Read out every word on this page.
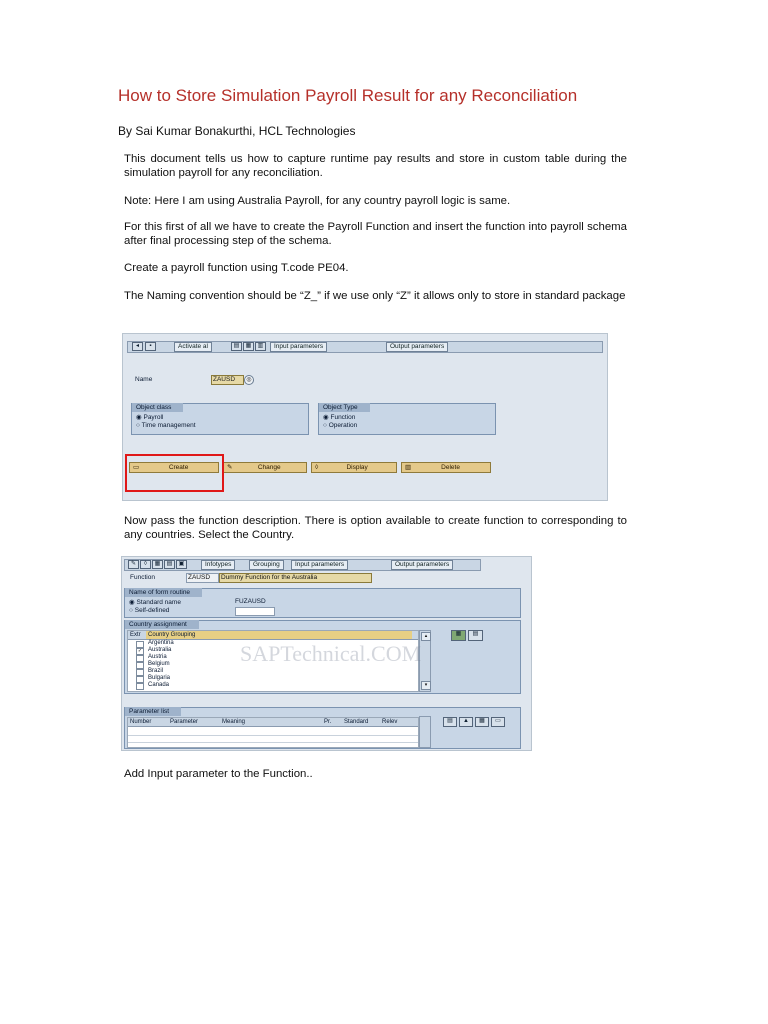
How to Store Simulation Payroll Result for any Reconciliation
By Sai Kumar Bonakurthi, HCL Technologies

This document tells us how to capture runtime pay results and store in custom table during the simulation payroll for any reconciliation.

Note: Here I am using Australia Payroll, for any country payroll logic is same.

For this first of all we have to create the Payroll Function and insert the function into payroll schema after final processing step of the schema.

Create a payroll function using T.code PE04.

The Naming convention should be “Z_” if we use only “Z” it allows only to store in standard package

◂	▪	Activate al	▤	▦	▥	Input parameters	Output parameters
Name	ZAUSD	◎
Object class
◉ Payroll
○ Time management
Object Type
◉ Function
○ Operation
▭	Create	✎	Change	◊	Display	▥	Delete

Now pass the function description. There is option available to create function to corresponding to any countries. Select the Country.

✎	◊	▦	▤	▣	Infotypes	Grouping	Input parameters	Output parameters
Function	ZAUSD	Dummy Function for the Australia
Name of form routine
◉ Standard name	FUZAUSD
○ Self-defined
Country assignment
Extr	Country Grouping
Argentina
✓ Australia
Austria
Belgium
Brazil
Bulgaria
Canada
▴
▾
▦	▤
SAPTechnical.COM
Parameter list
Number	Parameter	Meaning	Pr. Standard Relev	▤	▲	▦	▭

Add Input parameter to the Function..
